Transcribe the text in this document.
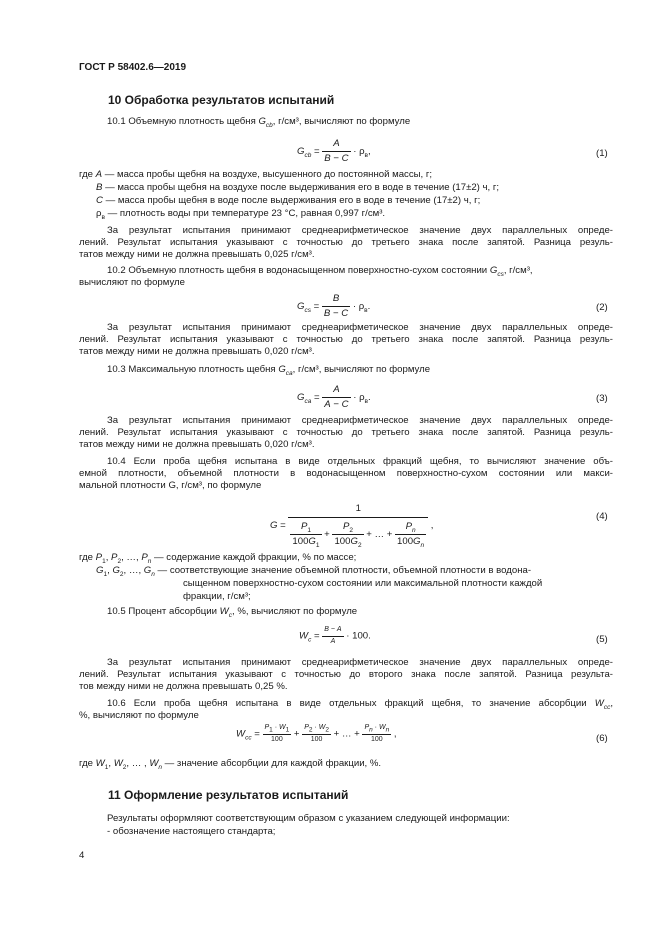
ГОСТ Р 58402.6—2019
10 Обработка результатов испытаний
10.1 Объемную плотность щебня $G_{cb}$, г/см³, вычисляют по формуле
$G_{cb} = \frac{A}{B - C} \cdot \rho_в$,	(1)
где A — масса пробы щебня на воздухе, высушенного до постоянной массы, г;
B — масса пробы щебня на воздухе после выдерживания его в воде в течение (17±2) ч, г;
C — масса пробы щебня в воде после выдерживания его в воде в течение (17±2) ч, г;
$\rho_в$ — плотность воды при температуре 23 °С, равная 0,997 г/см³.
За результат испытания принимают среднеарифметическое значение двух параллельных опреде-
лений. Результат испытания указывают с точностью до третьего знака после запятой. Разница резуль-
татов между ними не должна превышать 0,025 г/см³.
10.2 Объемную плотность щебня в водонасыщенном поверхностно-сухом состоянии $G_{cs}$, г/см³,
вычисляют по формуле
$G_{cs} = \frac{B}{B - C} \cdot \rho_в$.	(2)
За результат испытания принимают среднеарифметическое значение двух параллельных опреде-
лений. Результат испытания указывают с точностью до третьего знака после запятой. Разница резуль-
татов между ними не должна превышать 0,020 г/см³.
10.3 Максимальную плотность щебня $G_{ca}$, г/см³, вычисляют по формуле
$G_{ca} = \frac{A}{A - C} \cdot \rho_в$.	(3)
За результат испытания принимают среднеарифметическое значение двух параллельных опреде-
лений. Результат испытания указывают с точностью до третьего знака после запятой. Разница резуль-
татов между ними не должна превышать 0,020 г/см³.
10.4 Если проба щебня испытана в виде отдельных фракций щебня, то вычисляют значение объ-
емной плотности, объемной плотности в водонасыщенном поверхностно-сухом состоянии или макси-
мальной плотности G, г/см³, по формуле
$G = \frac{1}{\frac{P_1}{100G_1} + \frac{P_2}{100G_2} + \dots + \frac{P_n}{100G_n}}$ ,
(4)
где $P_1$, $P_2$, …, $P_n$ — содержание каждой фракции, % по массе;
$G_1$, $G_2$, …, $G_n$ — соответствующие значение объемной плотности, объемной плотности в водона-
сыщенном поверхностно-сухом состоянии или максимальной плотности каждой
фракции, г/см³;
10.5 Процент абсорбции $W_c$, %, вычисляют по формуле
$W_c = \frac{B - A}{A} \cdot 100$.	(5)
За результат испытания принимают среднеарифметическое значение двух параллельных опреде-
лений. Результат испытания указывают с точностью до второго знака после запятой. Разница результа-
тов между ними не должна превышать 0,25 %.
10.6 Если проба щебня испытана в виде отдельных фракций щебня, то значение абсорбции $W_{cc}$,
%, вычисляют по формуле
$W_{cc} = \frac{P_1 \cdot W_1}{100} + \frac{P_2 \cdot W_2}{100}$ + … + $\frac{P_n \cdot W_n}{100}$ ,	(6)
где $W_1$, $W_2$, … , $W_n$ — значение абсорбции для каждой фракции, %.
11 Оформление результатов испытаний
Результаты оформляют соответствующим образом с указанием следующей информации:
- обозначение настоящего стандарта;
4
